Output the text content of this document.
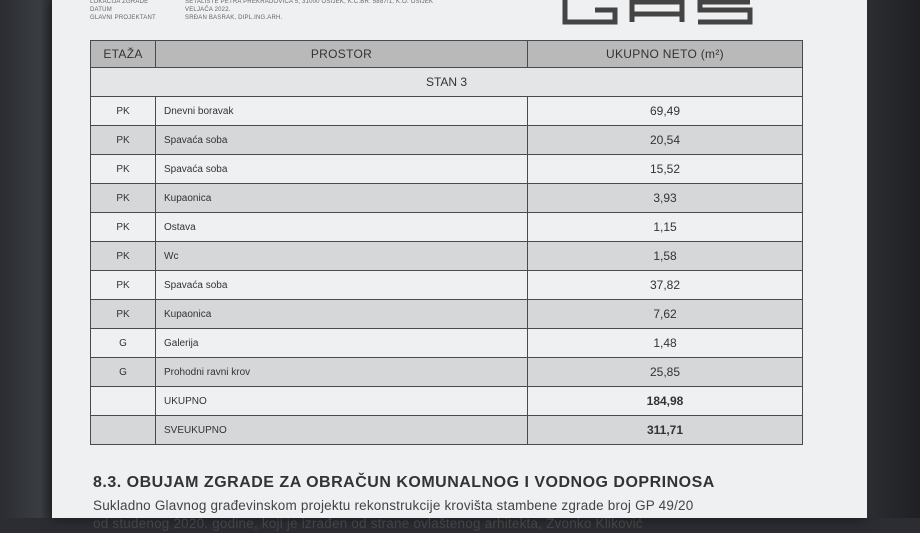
LOKACIJA ZGRADE	ŠETALIŠTE PETRA PREKRADOVIĆA 5, 31000 OSIJEK, K.Č.BR. 5887/1, K.O. OSIJEK
DATUM	VELJAČA 2022.
GLAVNI PROJEKTANT	SRĐAN BASRAK, DIPL.ING.ARH.
ETAŽA	PROSTOR	UKUPNO NETO (m²)
STAN 3		
PK	Dnevni boravak	69,49
PK	Spavaća soba	20,54
PK	Spavaća soba	15,52
PK	Kupaonica	3,93
PK	Ostava	1,15
PK	Wc	1,58
PK	Spavaća soba	37,82
PK	Kupaonica	7,62
G	Galerija	1,48
G	Prohodni ravni krov	25,85
	UKUPNO	184,98
	SVEUKUPNO	311,71
8.3. OBUJAM ZGRADE ZA OBRAČUN KOMUNALNOG I VODNOG DOPRINOSA
Sukladno Glavnog građevinskom projektu rekonstrukcije krovišta stambene zgrade broj GP 49/20
od studenog 2020. godine, koji je izrađen od strane ovlaštenog arhitekta, Zvonko Kliković
